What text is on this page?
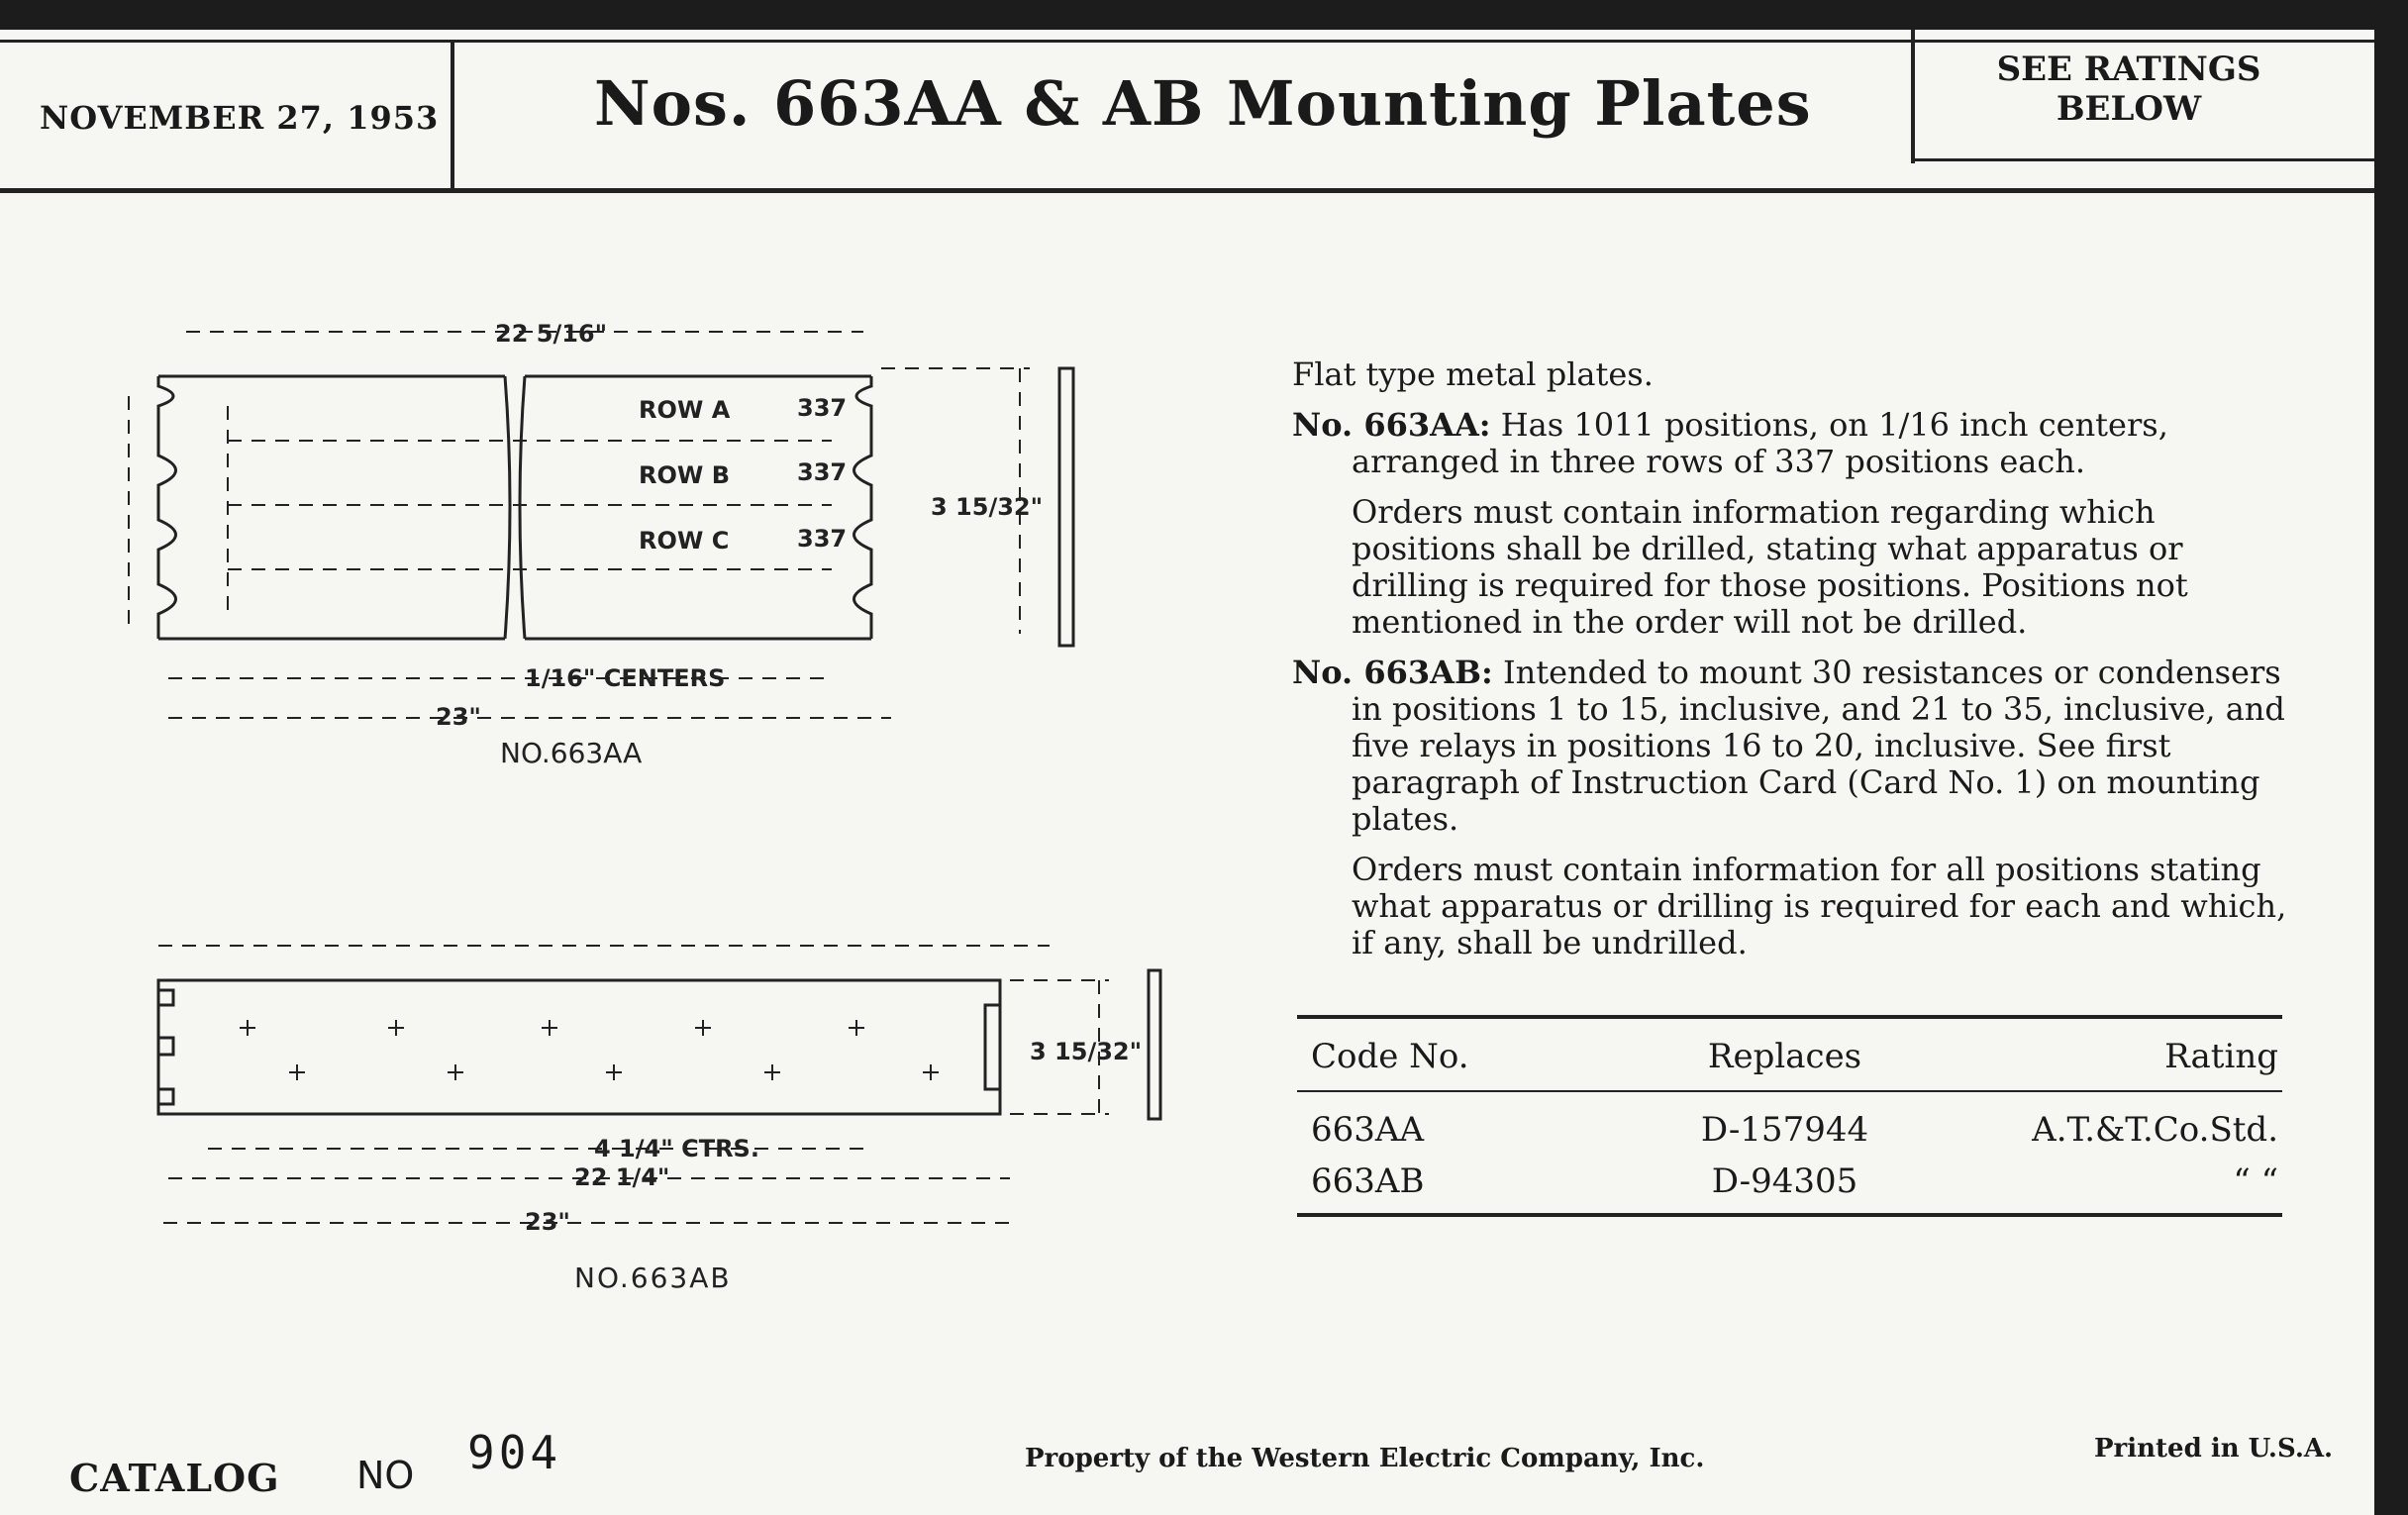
NOVEMBER 27, 1953	Nos. 663AA & AB Mounting Plates	SEE RATINGS
BELOW
22 5/16"
ROW A	337
ROW B	337
ROW C	337
1/16" CENTERS
23"
3 15/32"
NO.663AA
4 1/4" CTRS.
22 1/4"
23"
3 15/32"
NO.663AB

Flat type metal plates.

No. 663AA: Has 1011 positions, on 1/16 inch centers, arranged in three rows of 337 positions each.

Orders must contain information regarding which positions shall be drilled, stating what apparatus or drilling is required for those positions. Positions not mentioned in the order will not be drilled.

No. 663AB: Intended to mount 30 resistances or condensers in positions 1 to 15, inclusive, and 21 to 35, inclusive, and five relays in positions 16 to 20, inclusive. See first paragraph of Instruction Card (Card No. 1) on mounting plates.

Orders must contain information for all positions stating what apparatus or drilling is required for each and which, if any, shall be undrilled.

Code No.	Replaces	Rating
663AA	D-157944	A.T.&T.Co.Std.
663AB	D-94305	“ “
CATALOG NO 904	Property of the Western Electric Company, Inc.	Printed in U.S.A.
